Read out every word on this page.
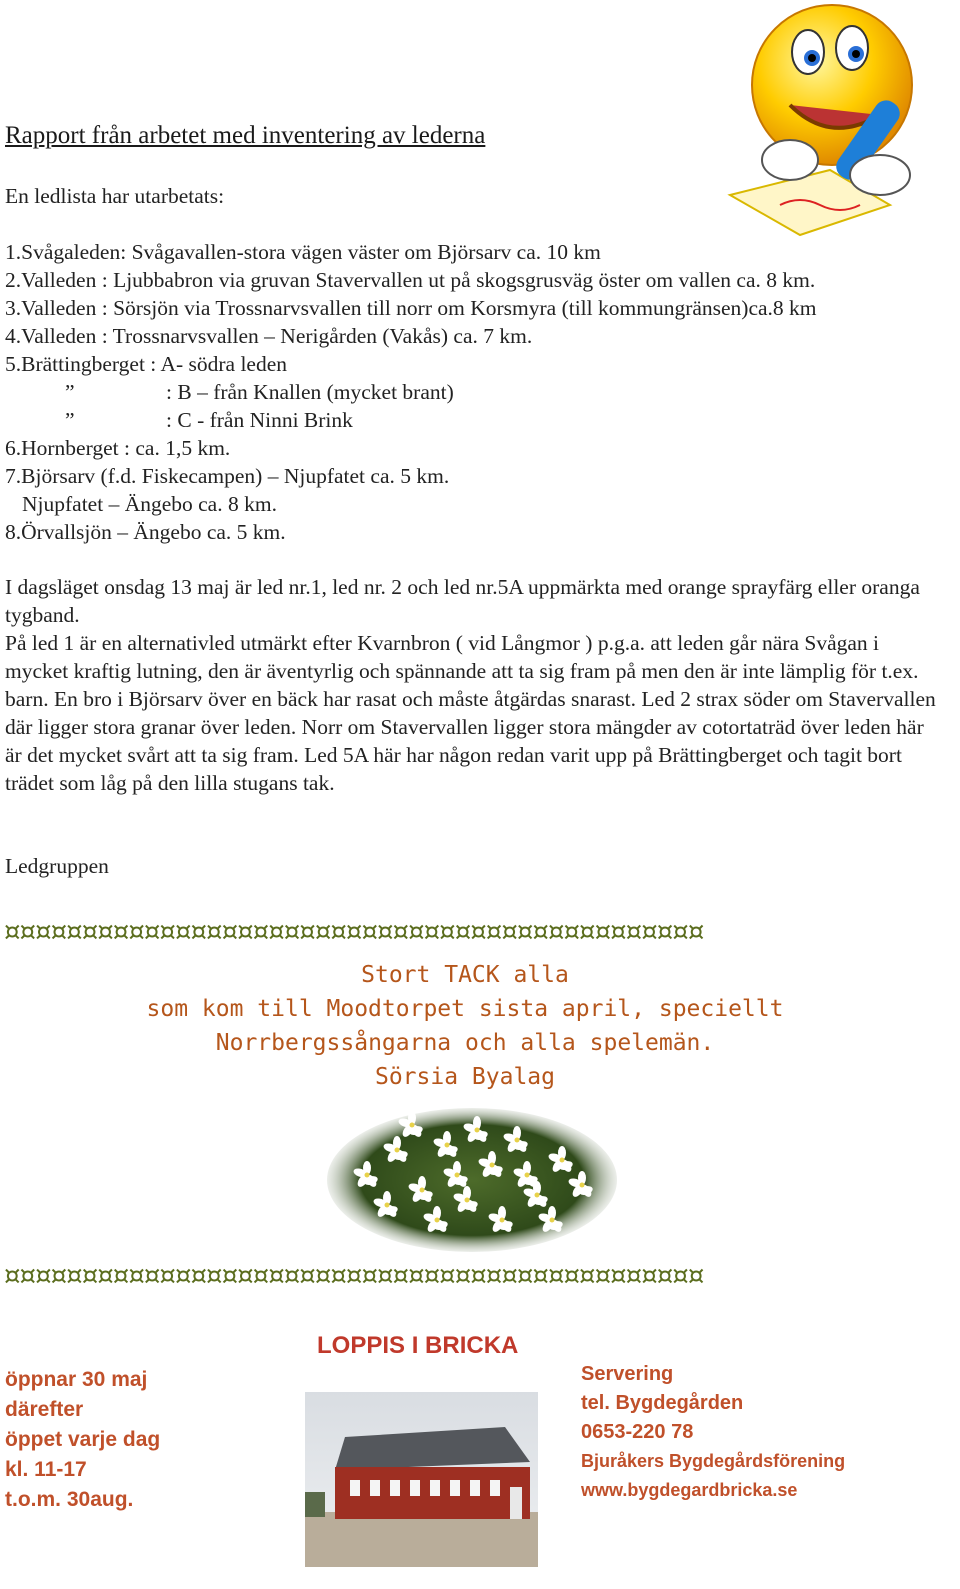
Rapport från arbetet med inventering av lederna
En ledlista har utarbetats:
1.Svågaleden: Svågavallen-stora vägen väster om Björsarv ca. 10 km
2.Valleden : Ljubbabron via gruvan Stavervallen ut på skogsgrusväg öster om vallen ca. 8 km.
3.Valleden : Sörsjön via Trossnarvsvallen till norr om Korsmyra (till kommungränsen)ca.8 km
4.Valleden : Trossnarvsvallen – Nerigården (Vakås) ca. 7 km.
5.Brättingberget : A- södra leden
”	: B – från Knallen (mycket brant)
”	: C - från Ninni Brink
6.Hornberget : ca. 1,5 km.
7.Björsarv (f.d. Fiskecampen) – Njupfatet ca. 5 km.
Njupfatet – Ängebo ca. 8 km.
8.Örvallsjön – Ängebo ca. 5 km.
I dagsläget onsdag 13 maj är led nr.1, led nr. 2 och led nr.5A uppmärkta med orange sprayfärg eller oranga tygband.
På led 1 är en alternativled utmärkt efter Kvarnbron ( vid Långmor ) p.g.a. att leden går nära Svågan i mycket kraftig lutning, den är äventyrlig och spännande att ta sig fram på men den är inte lämplig för t.ex. barn. En bro i Björsarv över en bäck har rasat och måste åtgärdas snarast. Led 2 strax söder om Stavervallen där ligger stora granar över leden. Norr om Stavervallen ligger stora mängder av cotortaträd över leden här är det mycket svårt att ta sig fram. Led 5A här har någon redan varit upp på Brättingberget och tagit bort trädet som låg på den lilla stugans tak.
Ledgruppen
¤¤¤¤¤¤¤¤¤¤¤¤¤¤¤¤¤¤¤¤¤¤¤¤¤¤¤¤¤¤¤¤¤¤¤¤¤¤¤¤¤¤¤¤¤
Stort TACK alla
som kom till Moodtorpet sista april, speciellt Norrbergssångarna och alla spelemän.
Sörsia Byalag
¤¤¤¤¤¤¤¤¤¤¤¤¤¤¤¤¤¤¤¤¤¤¤¤¤¤¤¤¤¤¤¤¤¤¤¤¤¤¤¤¤¤¤¤¤
LOPPIS I BRICKA
öppnar 30 maj
därefter
öppet varje dag
kl. 11-17
t.o.m. 30aug.
Servering
tel. Bygdegården
0653-220 78
Bjuråkers Bygdegårdsförening
www.bygdegardbricka.se
